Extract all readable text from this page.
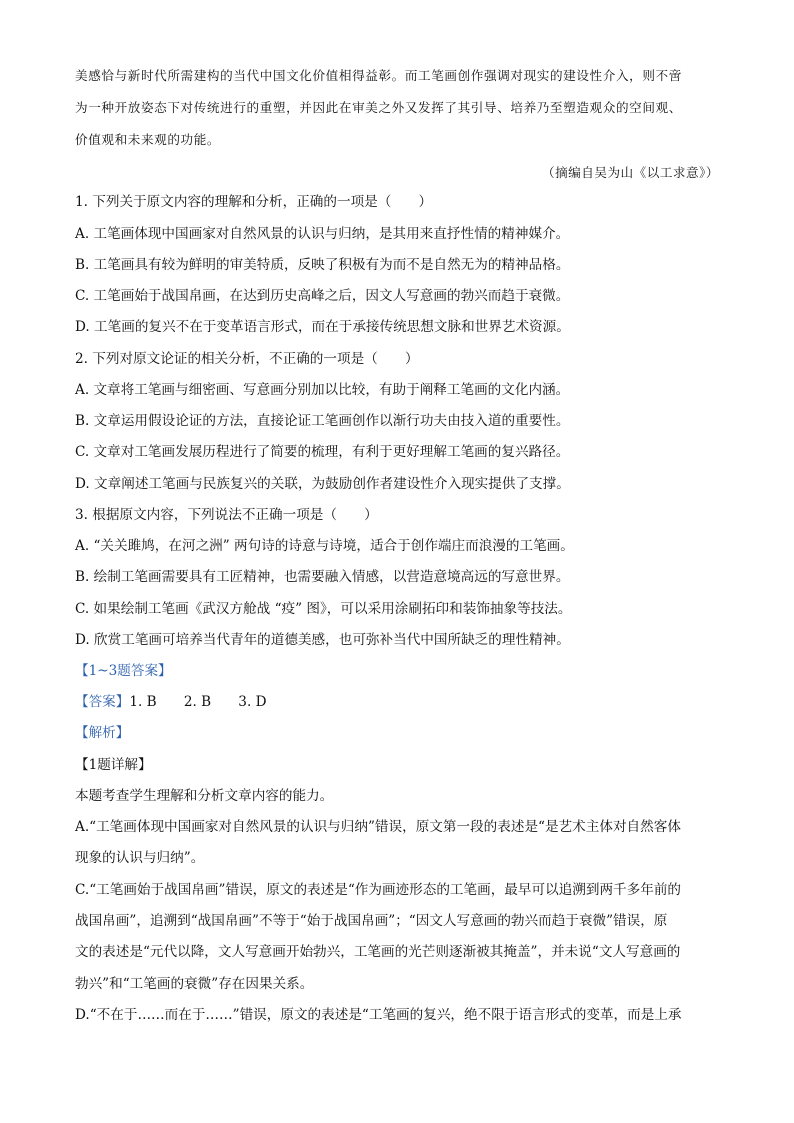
美感恰与新时代所需建构的当代中国文化价值相得益彰。而工笔画创作强调对现实的建设性介入，则不啻
为一种开放姿态下对传统进行的重塑，并因此在审美之外又发挥了其引导、培养乃至塑造观众的空间观、
价值观和未来观的功能。
（摘编自吴为山《以工求意》）
1. 下列关于原文内容的理解和分析，正确的一项是（　　）
A. 工笔画体现中国画家对自然风景的认识与归纳，是其用来直抒性情的精神媒介。
B. 工笔画具有较为鲜明的审美特质，反映了积极有为而不是自然无为的精神品格。
C. 工笔画始于战国帛画，在达到历史高峰之后，因文人写意画的勃兴而趋于衰微。
D. 工笔画的复兴不在于变革语言形式，而在于承接传统思想文脉和世界艺术资源。
2. 下列对原文论证的相关分析，不正确的一项是（　　）
A. 文章将工笔画与细密画、写意画分别加以比较，有助于阐释工笔画的文化内涵。
B. 文章运用假设论证的方法，直接论证工笔画创作以渐行功夫由技入道的重要性。
C. 文章对工笔画发展历程进行了简要的梳理，有利于更好理解工笔画的复兴路径。
D. 文章阐述工笔画与民族复兴的关联，为鼓励创作者建设性介入现实提供了支撑。
3. 根据原文内容，下列说法不正确一项是（　　）
A. “关关雎鸠，在河之洲” 两句诗的诗意与诗境，适合于创作端庄而浪漫的工笔画。
B. 绘制工笔画需要具有工匠精神，也需要融入情感，以营造意境高远的写意世界。
C. 如果绘制工笔画《武汉方舱战 “疫” 图》，可以采用涂刷拓印和装饰抽象等技法。
D. 欣赏工笔画可培养当代青年的道德美感，也可弥补当代中国所缺乏的理性精神。
【1~3题答案】
【答案】1. B　　2. B　　3. D
【解析】
【1题详解】
本题考查学生理解和分析文章内容的能力。
A.“工笔画体现中国画家对自然风景的认识与归纳”错误，原文第一段的表述是“是艺术主体对自然客体
现象的认识与归纳”。
C.“工笔画始于战国帛画”错误，原文的表述是“作为画迹形态的工笔画，最早可以追溯到两千多年前的
战国帛画”，追溯到“战国帛画”不等于“始于战国帛画”；“因文人写意画的勃兴而趋于衰微”错误，原
文的表述是“元代以降，文人写意画开始勃兴，工笔画的光芒则逐渐被其掩盖”，并未说“文人写意画的
勃兴”和“工笔画的衰微”存在因果关系。
D.“不在于……而在于……”错误，原文的表述是“工笔画的复兴，绝不限于语言形式的变革，而是上承
